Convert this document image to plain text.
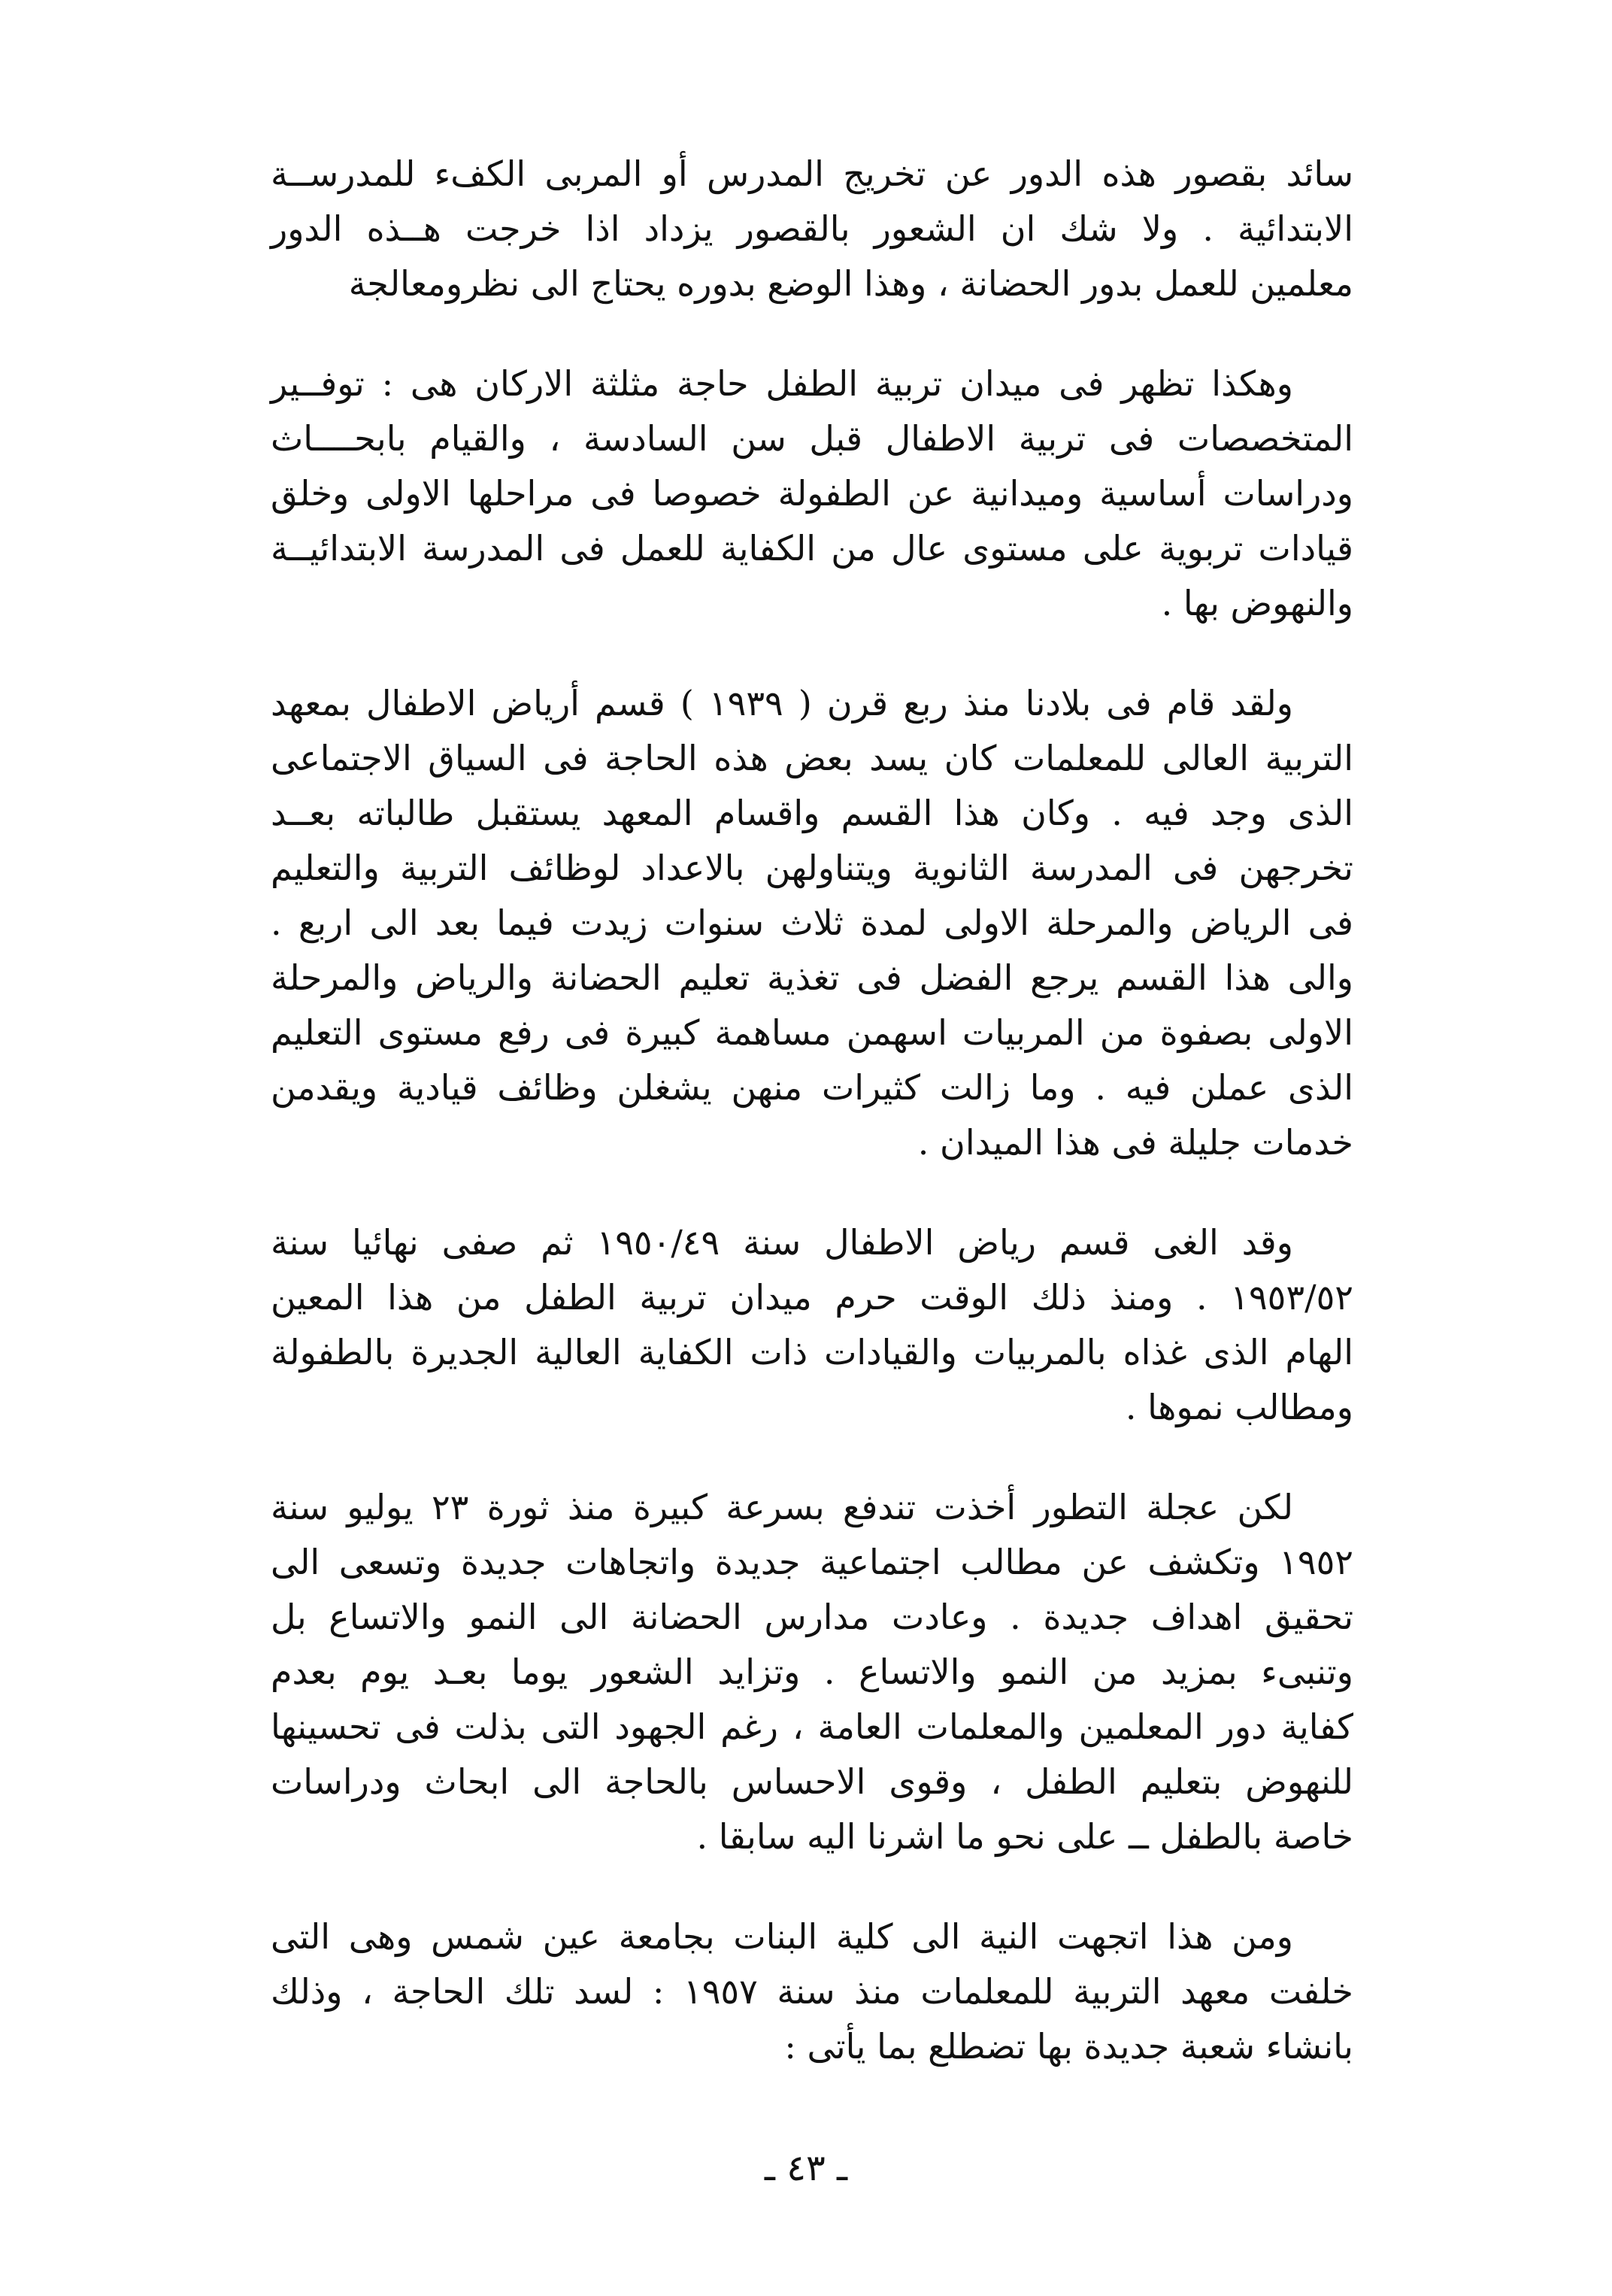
سائد بقصور هذه الدور عن تخريج المدرس أو المربى الكفء للمدرســة
الابتدائية . ولا شك ان الشعور بالقصور يزداد اذا خرجت هــذه الدور
معلمين للعمل بدور الحضانة ، وهذا الوضع بدوره يحتاج الى نظرومعالجة

وهكذا تظهر فى ميدان تربية الطفل حاجة مثلثة الاركان هى : توفــير
المتخصصات فى تربية الاطفال قبل سن السادسة ، والقيام بابحــــاث
ودراسات أساسية وميدانية عن الطفولة خصوصا فى مراحلها الاولى وخلق
قيادات تربوية على مستوى عال من الكفاية للعمل فى المدرسة الابتدائيــة
والنهوض بها .

ولقد قام فى بلادنا منذ ربع قرن ( ١٩٣٩ ) قسم أرياض الاطفال بمعهد
التربية العالى للمعلمات كان يسد بعض هذه الحاجة فى السياق الاجتماعى
الذى وجد فيه . وكان هذا القسم واقسام المعهد يستقبل طالباته بعــد
تخرجهن فى المدرسة الثانوية ويتناولهن بالاعداد لوظائف التربية والتعليم
فى الرياض والمرحلة الاولى لمدة ثلاث سنوات زيدت فيما بعد الى اربع .
والى هذا القسم يرجع الفضل فى تغذية تعليم الحضانة والرياض والمرحلة
الاولى بصفوة من المربيات اسهمن مساهمة كبيرة فى رفع مستوى التعليم
الذى عملن فيه . وما زالت كثيرات منهن يشغلن وظائف قيادية ويقدمن
خدمات جليلة فى هذا الميدان .

وقد الغى قسم رياض الاطفال سنة ١٩٥٠/٤٩ ثم صفى نهائيا سنة
١٩٥٣/٥٢ . ومنذ ذلك الوقت حرم ميدان تربية الطفل من هذا المعين
الهام الذى غذاه بالمربيات والقيادات ذات الكفاية العالية الجديرة بالطفولة
ومطالب نموها .

لكن عجلة التطور أخذت تندفع بسرعة كبيرة منذ ثورة ٢٣ يوليو سنة
١٩٥٢ وتكشف عن مطالب اجتماعية جديدة واتجاهات جديدة وتسعى الى
تحقيق اهداف جديدة . وعادت مدارس الحضانة الى النمو والاتساع بل
وتنبىء بمزيد من النمو والاتساع . وتزايد الشعور يوما بعـد يوم بعدم
كفاية دور المعلمين والمعلمات العامة ، رغم الجهود التى بذلت فى تحسينها
للنهوض بتعليم الطفل ، وقوى الاحساس بالحاجة الى ابحاث ودراسات
خاصة بالطفل ــ على نحو ما اشرنا اليه سابقا .

ومن هذا اتجهت النية الى كلية البنات بجامعة عين شمس وهى التى
خلفت معهد التربية للمعلمات منذ سنة ١٩٥٧ : لسد تلك الحاجة ، وذلك
بانشاء شعبة جديدة بها تضطلع بما يأتى :

ـ ٤٣ ـ
